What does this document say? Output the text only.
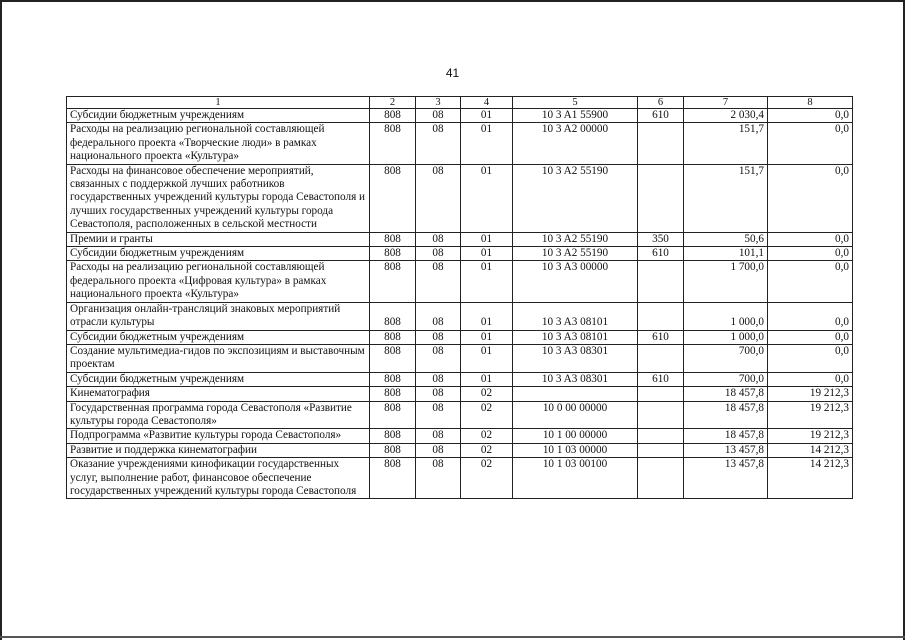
41
1	2	3	4	5	6	7	8
Субсидии бюджетным учреждениям	808	08	01	10 3 A1 55900	610	2 030,4	0,0
Расходы на реализацию региональной составляющей федерального проекта «Творческие люди» в рамках национального проекта «Культура»	808	08	01	10 3 A2 00000		151,7	0,0
Расходы на финансовое обеспечение мероприятий, связанных с поддержкой лучших работников государственных учреждений культуры города Севастополя и лучших государственных учреждений культуры города Севастополя, расположенных в сельской местности	808	08	01	10 3 A2 55190		151,7	0,0
Премии и гранты	808	08	01	10 3 A2 55190	350	50,6	0,0
Субсидии бюджетным учреждениям	808	08	01	10 3 A2 55190	610	101,1	0,0
Расходы на реализацию региональной составляющей федерального проекта «Цифровая культура» в рамках национального проекта «Культура»	808	08	01	10 3 A3 00000		1 700,0	0,0
Организация онлайн-трансляций знаковых мероприятий отрасли культуры	808	08	01	10 3 A3 08101		1 000,0	0,0
Субсидии бюджетным учреждениям	808	08	01	10 3 A3 08101	610	1 000,0	0,0
Создание мультимедиа-гидов по экспозициям и выставочным проектам	808	08	01	10 3 A3 08301		700,0	0,0
Субсидии бюджетным учреждениям	808	08	01	10 3 A3 08301	610	700,0	0,0
Кинематография	808	08	02			18 457,8	19 212,3
Государственная программа города Севастополя «Развитие культуры города Севастополя»	808	08	02	10 0 00 00000		18 457,8	19 212,3
Подпрограмма «Развитие культуры города Севастополя»	808	08	02	10 1 00 00000		18 457,8	19 212,3
Развитие и поддержка кинематографии	808	08	02	10 1 03 00000		13 457,8	14 212,3
Оказание учреждениями кинофикации государственных услуг, выполнение работ, финансовое обеспечение государственных учреждений культуры города Севастополя	808	08	02	10 1 03 00100		13 457,8	14 212,3
